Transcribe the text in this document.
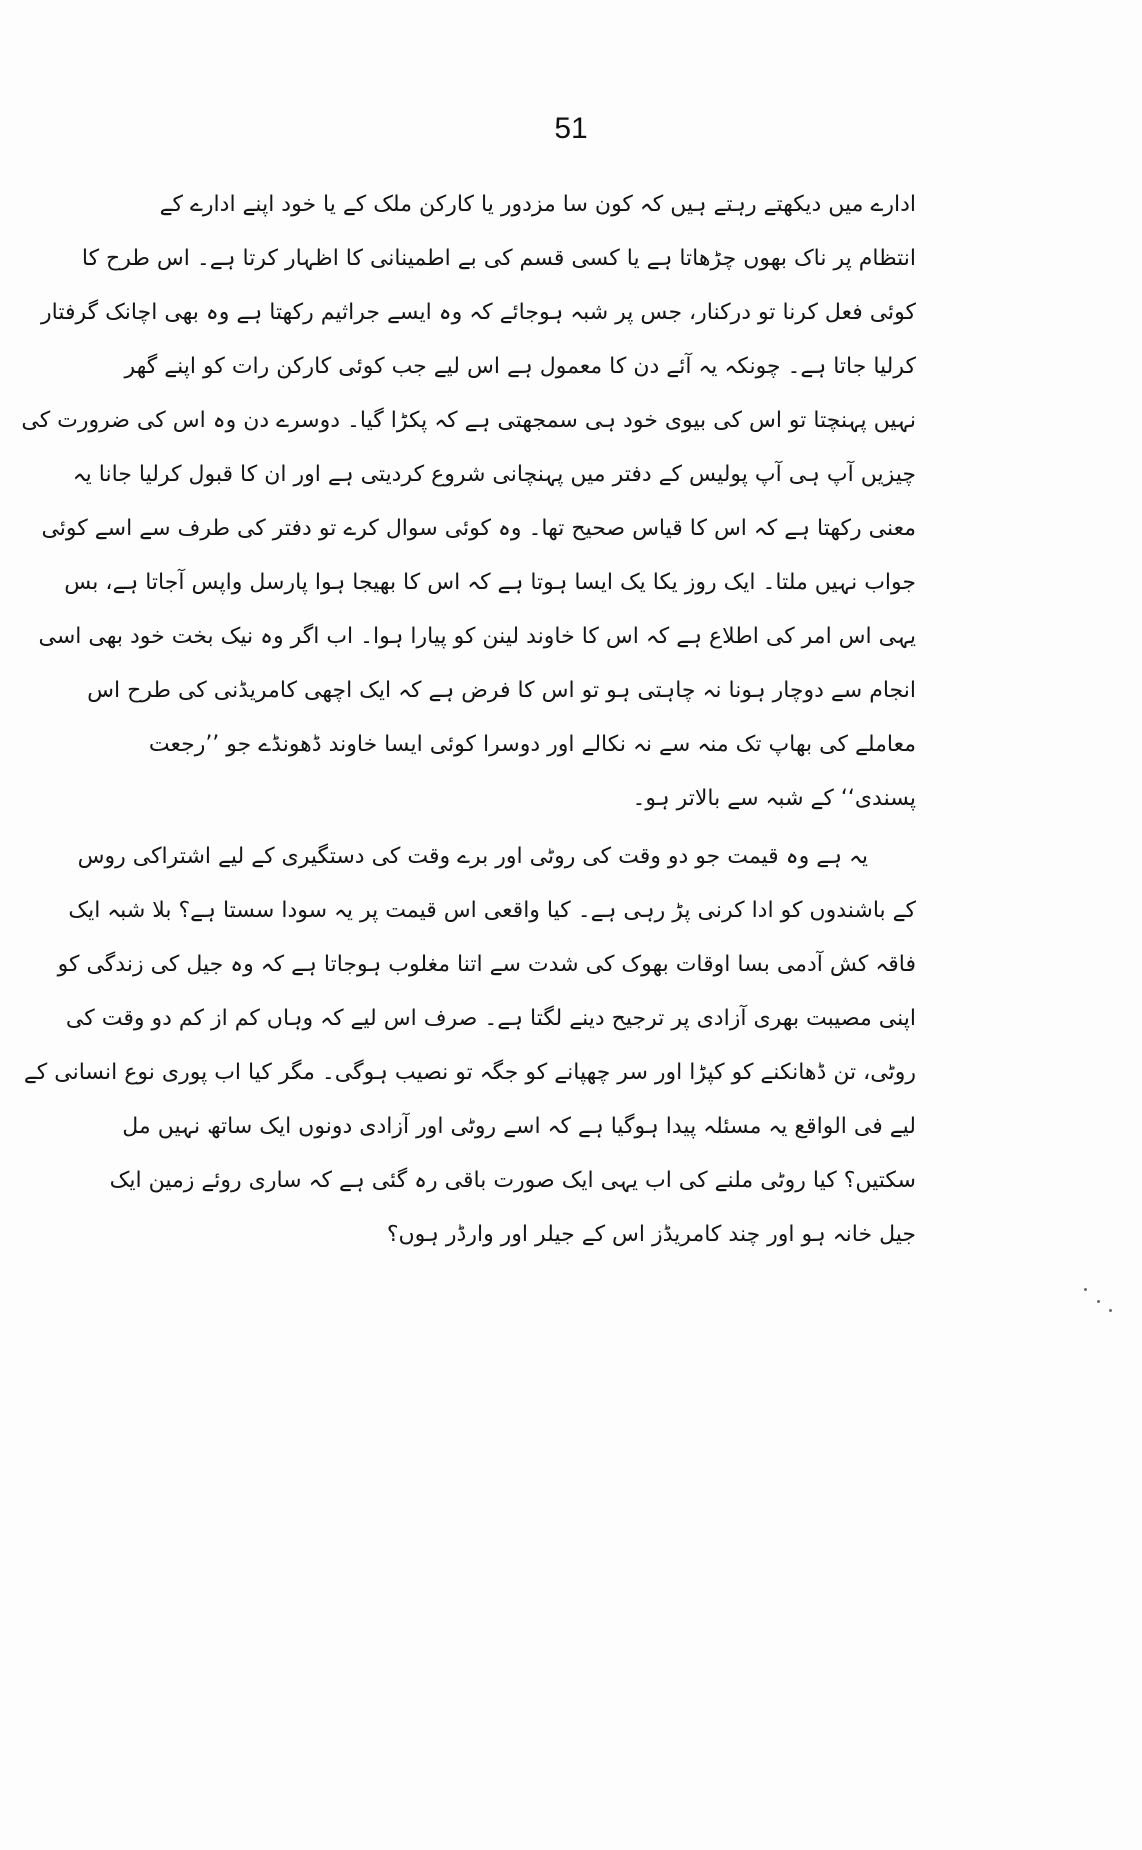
51
ادارے میں دیکھتے رہتے ہیں کہ کون سا مزدور یا کارکن ملک کے یا خود اپنے ادارے کے
انتظام پر ناک بھوں چڑھاتا ہے یا کسی قسم کی بے اطمینانی کا اظہار کرتا ہے۔ اس طرح کا
کوئی فعل کرنا تو درکنار، جس پر شبہ ہوجائے کہ وہ ایسے جراثیم رکھتا ہے وہ بھی اچانک گرفتار
کرلیا جاتا ہے۔ چونکہ یہ آئے دن کا معمول ہے اس لیے جب کوئی کارکن رات کو اپنے گھر
نہیں پہنچتا تو اس کی بیوی خود ہی سمجھتی ہے کہ پکڑا گیا۔ دوسرے دن وہ اس کی ضرورت کی
چیزیں آپ ہی آپ پولیس کے دفتر میں پہنچانی شروع کردیتی ہے اور ان کا قبول کرلیا جانا یہ
معنی رکھتا ہے کہ اس کا قیاس صحیح تھا۔ وہ کوئی سوال کرے تو دفتر کی طرف سے اسے کوئی
جواب نہیں ملتا۔ ایک روز یکا یک ایسا ہوتا ہے کہ اس کا بھیجا ہوا پارسل واپس آجاتا ہے، بس
یہی اس امر کی اطلاع ہے کہ اس کا خاوند لینن کو پیارا ہوا۔ اب اگر وہ نیک بخت خود بھی اسی
انجام سے دوچار ہونا نہ چاہتی ہو تو اس کا فرض ہے کہ ایک اچھی کامریڈنی کی طرح اس
معاملے کی بھاپ تک منہ سے نہ نکالے اور دوسرا کوئی ایسا خاوند ڈھونڈے جو ’’رجعت
پسندی‘‘ کے شبہ سے بالاتر ہو۔
یہ ہے وہ قیمت جو دو وقت کی روٹی اور برے وقت کی دستگیری کے لیے اشتراکی روس
کے باشندوں کو ادا کرنی پڑ رہی ہے۔ کیا واقعی اس قیمت پر یہ سودا سستا ہے؟ بلا شبہ ایک
فاقہ کش آدمی بسا اوقات بھوک کی شدت سے اتنا مغلوب ہوجاتا ہے کہ وہ جیل کی زندگی کو
اپنی مصیبت بھری آزادی پر ترجیح دینے لگتا ہے۔ صرف اس لیے کہ وہاں کم از کم دو وقت کی
روٹی، تن ڈھانکنے کو کپڑا اور سر چھپانے کو جگہ تو نصیب ہوگی۔ مگر کیا اب پوری نوع انسانی کے
لیے فی الواقع یہ مسئلہ پیدا ہوگیا ہے کہ اسے روٹی اور آزادی دونوں ایک ساتھ نہیں مل
سکتیں؟ کیا روٹی ملنے کی اب یہی ایک صورت باقی رہ گئی ہے کہ ساری روئے زمین ایک
جیل خانہ ہو اور چند کامریڈز اس کے جیلر اور وارڈر ہوں؟
